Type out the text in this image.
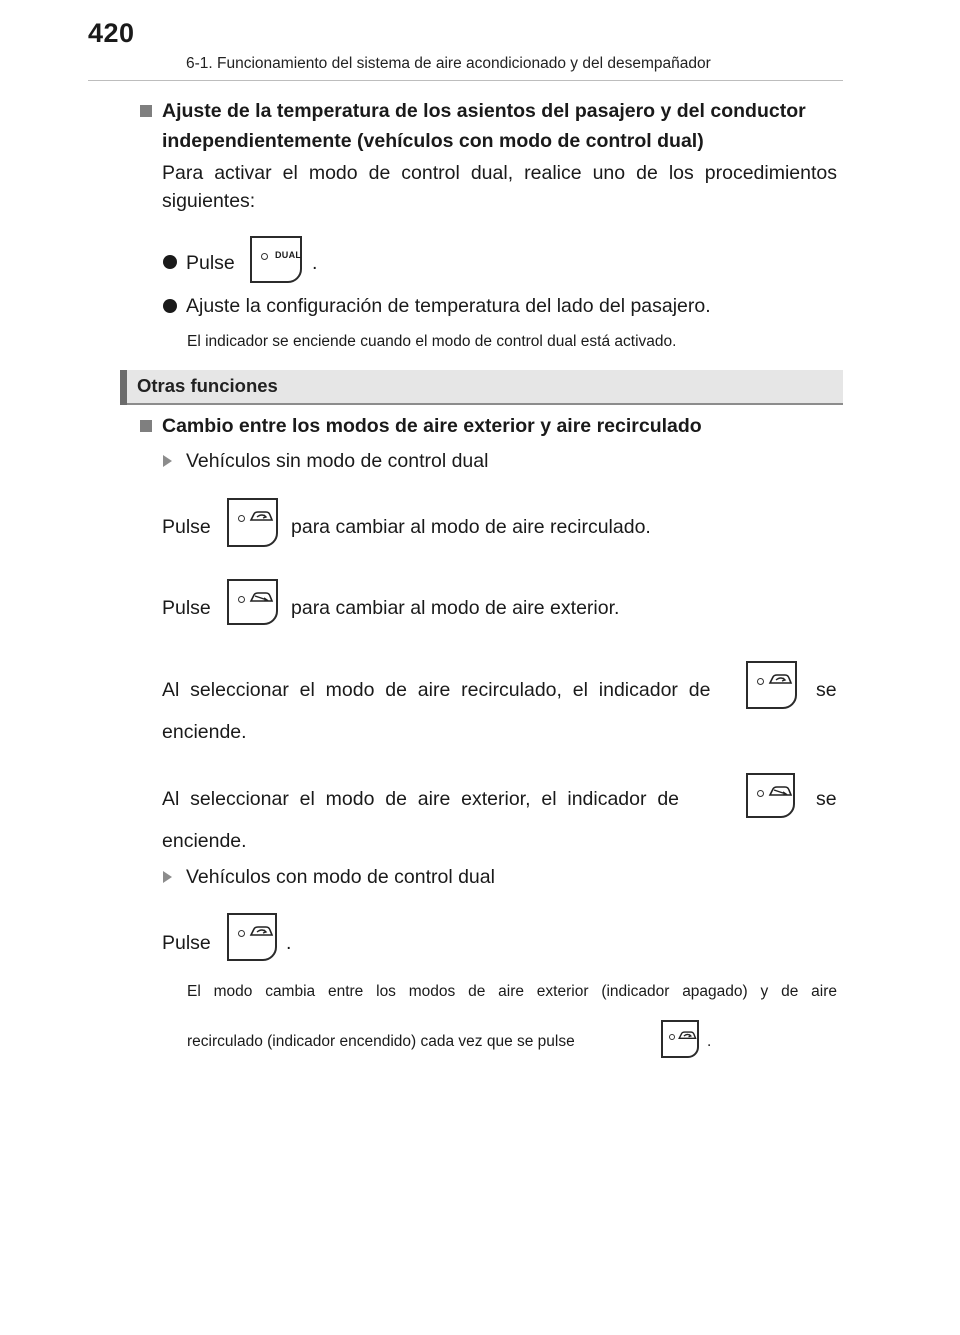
420
6-1. Funcionamiento del sistema de aire acondicionado y del desempañador
Ajuste de la temperatura de los asientos del pasajero y del conductor
independientemente (vehículos con modo de control dual)
Para activar el modo de control dual, realice uno de los procedimientos
siguientes:
Pulse	DUAL .
Ajuste la configuración de temperatura del lado del pasajero.
El indicador se enciende cuando el modo de control dual está activado.
Otras funciones
Cambio entre los modos de aire exterior y aire recirculado
Vehículos sin modo de control dual
Pulse	para cambiar al modo de aire recirculado.
Pulse	para cambiar al modo de aire exterior.
Al  seleccionar  el  modo  de  aire  recirculado,  el  indicador  de	se
enciende.
Al  seleccionar  el  modo  de  aire  exterior,  el  indicador  de	se
enciende.
Vehículos con modo de control dual
Pulse	.
El modo cambia entre los modos de aire exterior (indicador apagado) y de aire
recirculado (indicador encendido) cada vez que se pulse	.
